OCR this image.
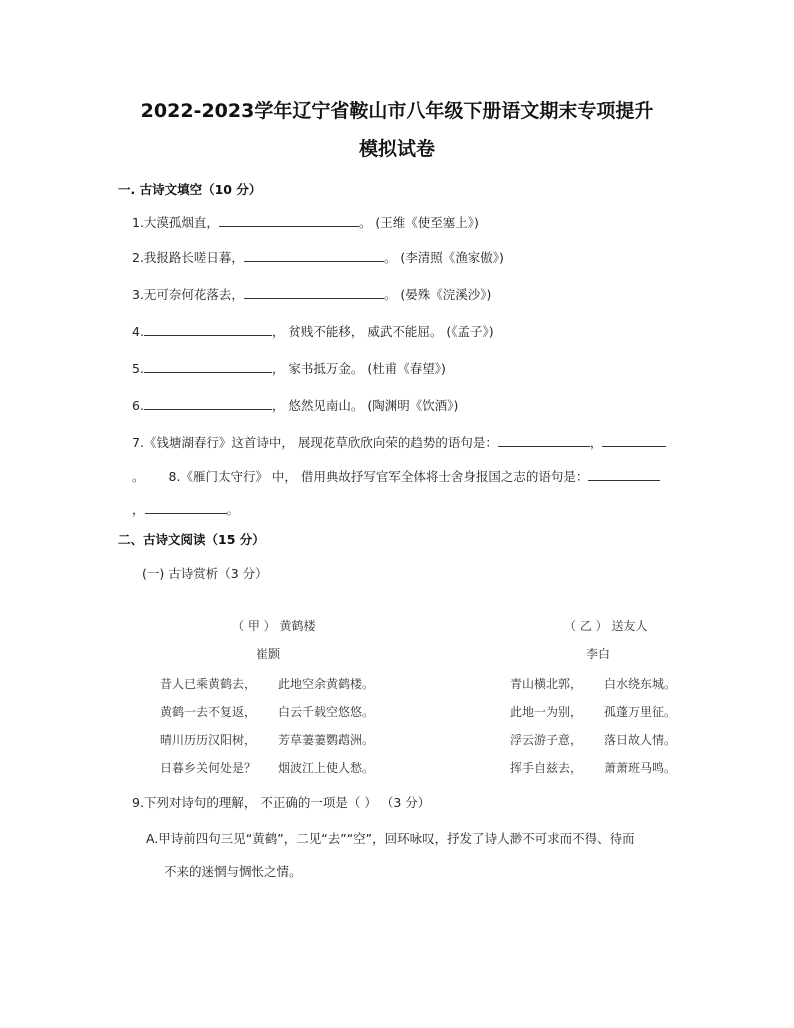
2022-2023学年辽宁省鞍山市八年级下册语文期末专项提升
模拟试卷
一. 古诗文填空（10 分）
1.大漠孤烟直，	。 (王维《使至塞上》)
2.我报路长嗟日暮，	。 (李清照《渔家傲》)
3.无可奈何花落去，	。 (晏殊《浣溪沙》)
4.	， 贫贱不能移， 威武不能屈。 (《孟子》)
5.	， 家书抵万金。 (杜甫《春望》)
6.	， 悠然见南山。 (陶渊明《饮酒》)
7.《钱塘湖春行》这首诗中， 展现花草欣欣向荣的趋势的语句是：	，
。 8.《雁门太守行》 中， 借用典故抒写官军全体将士舍身报国之志的语句是：
，	。
二、古诗文阅读（15 分）
(一) 古诗赏析（3 分）
（ 甲 ） 黄鹤楼
崔颢
昔人已乘黄鹤去， 此地空余黄鹤楼。
黄鹤一去不复返， 白云千载空悠悠。
晴川历历汉阳树， 芳草萋萋鹦鹉洲。
日暮乡关何处是？ 烟波江上使人愁。
（ 乙 ） 送友人
李白
青山横北郭， 白水绕东城。
此地一为别， 孤蓬万里征。
浮云游子意， 落日故人情。
挥手自兹去， 萧萧班马鸣。
9.下列对诗句的理解， 不正确的一项是（ ） （3 分）
A.甲诗前四句三见“黄鹤”，二见“去”“空”，回环咏叹，抒发了诗人渺不可求而不得、待而
不来的迷惘与惆怅之情。
